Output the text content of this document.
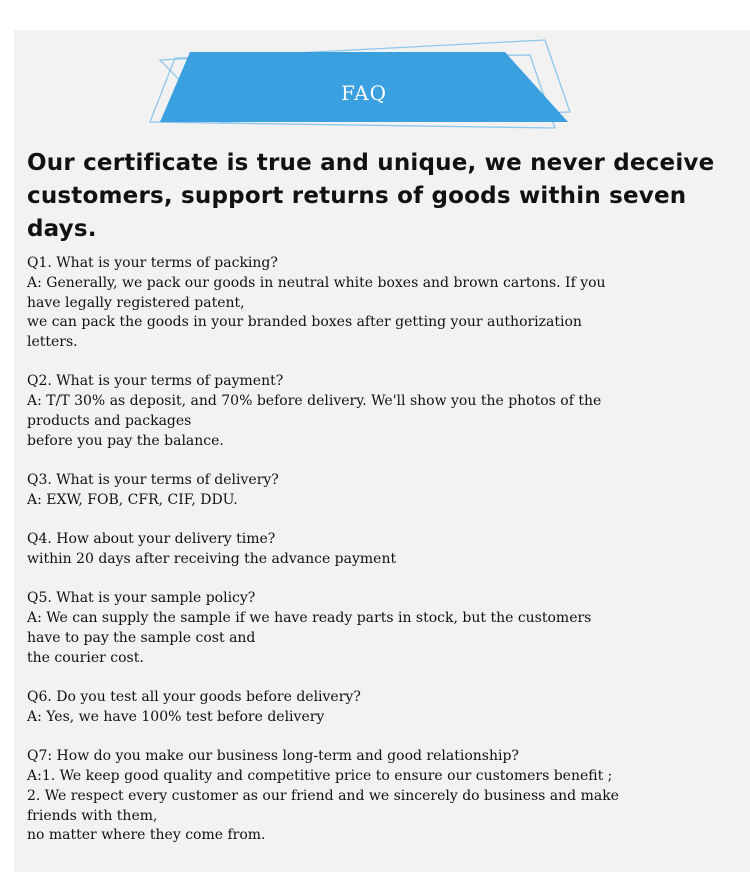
FAQ
Our certificate is true and unique, we never deceive
customers, support returns of goods within seven
days.
Q1. What is your terms of packing?
A: Generally, we pack our goods in neutral white boxes and brown cartons. If you
have legally registered patent,
we can pack the goods in your branded boxes after getting your authorization
letters.
Q2. What is your terms of payment?
A: T/T 30% as deposit, and 70% before delivery. We'll show you the photos of the
products and packages
before you pay the balance.
Q3. What is your terms of delivery?
A: EXW, FOB, CFR, CIF, DDU.
Q4. How about your delivery time?
within 20 days after receiving the advance payment
Q5. What is your sample policy?
A: We can supply the sample if we have ready parts in stock, but the customers
have to pay the sample cost and
the courier cost.
Q6. Do you test all your goods before delivery?
A: Yes, we have 100% test before delivery
Q7: How do you make our business long-term and good relationship?
A:1. We keep good quality and competitive price to ensure our customers benefit ;
2. We respect every customer as our friend and we sincerely do business and make
friends with them,
no matter where they come from.
